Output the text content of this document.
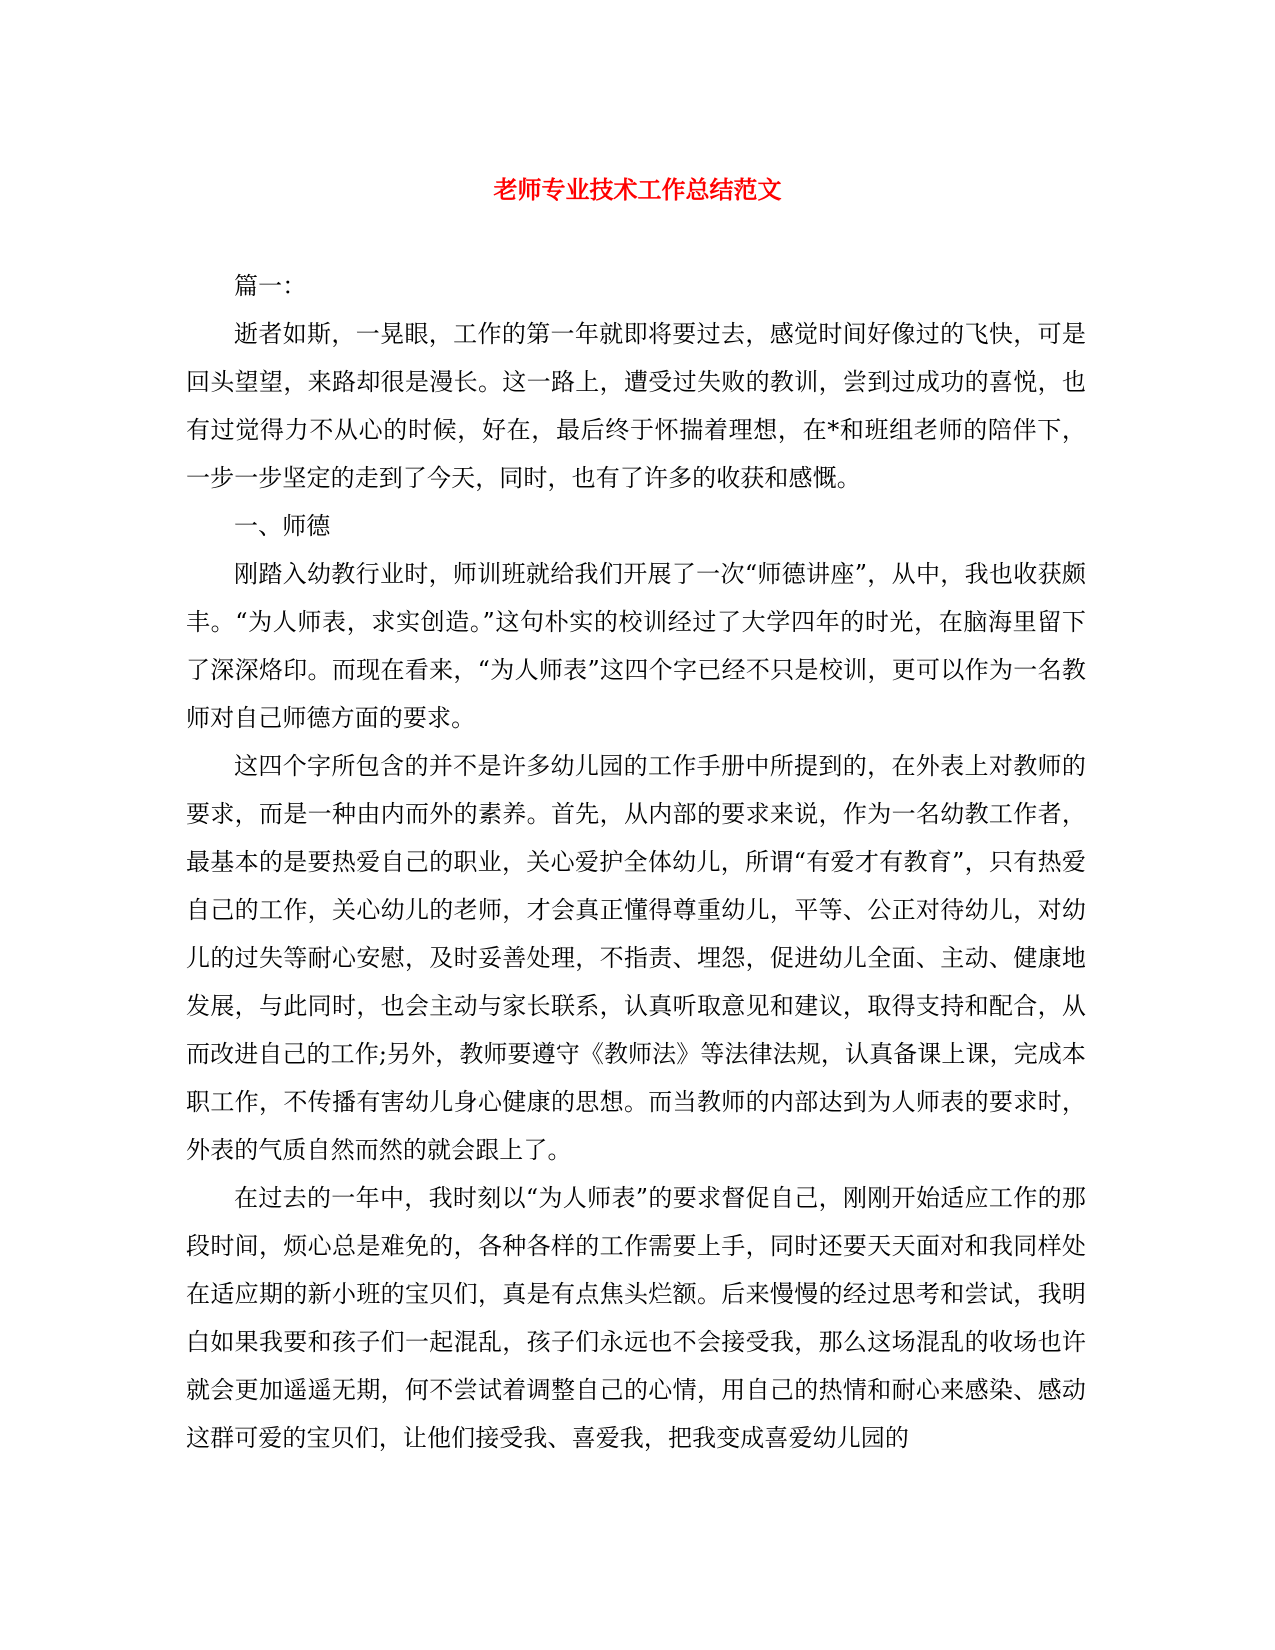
老师专业技术工作总结范文

篇一：

逝者如斯，一晃眼，工作的第一年就即将要过去，感觉时间好像过的飞快，可是回头望望，来路却很是漫长。这一路上，遭受过失败的教训，尝到过成功的喜悦，也有过觉得力不从心的时候，好在，最后终于怀揣着理想，在*和班组老师的陪伴下，一步一步坚定的走到了今天，同时，也有了许多的收获和感慨。

一、师德

刚踏入幼教行业时，师训班就给我们开展了一次“师德讲座”，从中，我也收获颇丰。“为人师表，求实创造。”这句朴实的校训经过了大学四年的时光，在脑海里留下了深深烙印。而现在看来，“为人师表”这四个字已经不只是校训，更可以作为一名教师对自己师德方面的要求。

这四个字所包含的并不是许多幼儿园的工作手册中所提到的，在外表上对教师的要求，而是一种由内而外的素养。首先，从内部的要求来说，作为一名幼教工作者，最基本的是要热爱自己的职业，关心爱护全体幼儿，所谓“有爱才有教育”，只有热爱自己的工作，关心幼儿的老师，才会真正懂得尊重幼儿，平等、公正对待幼儿，对幼儿的过失等耐心安慰，及时妥善处理，不指责、埋怨，促进幼儿全面、主动、健康地发展，与此同时，也会主动与家长联系，认真听取意见和建议，取得支持和配合，从而改进自己的工作;另外，教师要遵守《教师法》等法律法规，认真备课上课，完成本职工作，不传播有害幼儿身心健康的思想。而当教师的内部达到为人师表的要求时，外表的气质自然而然的就会跟上了。

在过去的一年中，我时刻以“为人师表”的要求督促自己，刚刚开始适应工作的那段时间，烦心总是难免的，各种各样的工作需要上手，同时还要天天面对和我同样处在适应期的新小班的宝贝们，真是有点焦头烂额。后来慢慢的经过思考和尝试，我明白如果我要和孩子们一起混乱，孩子们永远也不会接受我，那么这场混乱的收场也许就会更加遥遥无期，何不尝试着调整自己的心情，用自己的热情和耐心来感染、感动这群可爱的宝贝们，让他们接受我、喜爱我，把我变成喜爱幼儿园的
